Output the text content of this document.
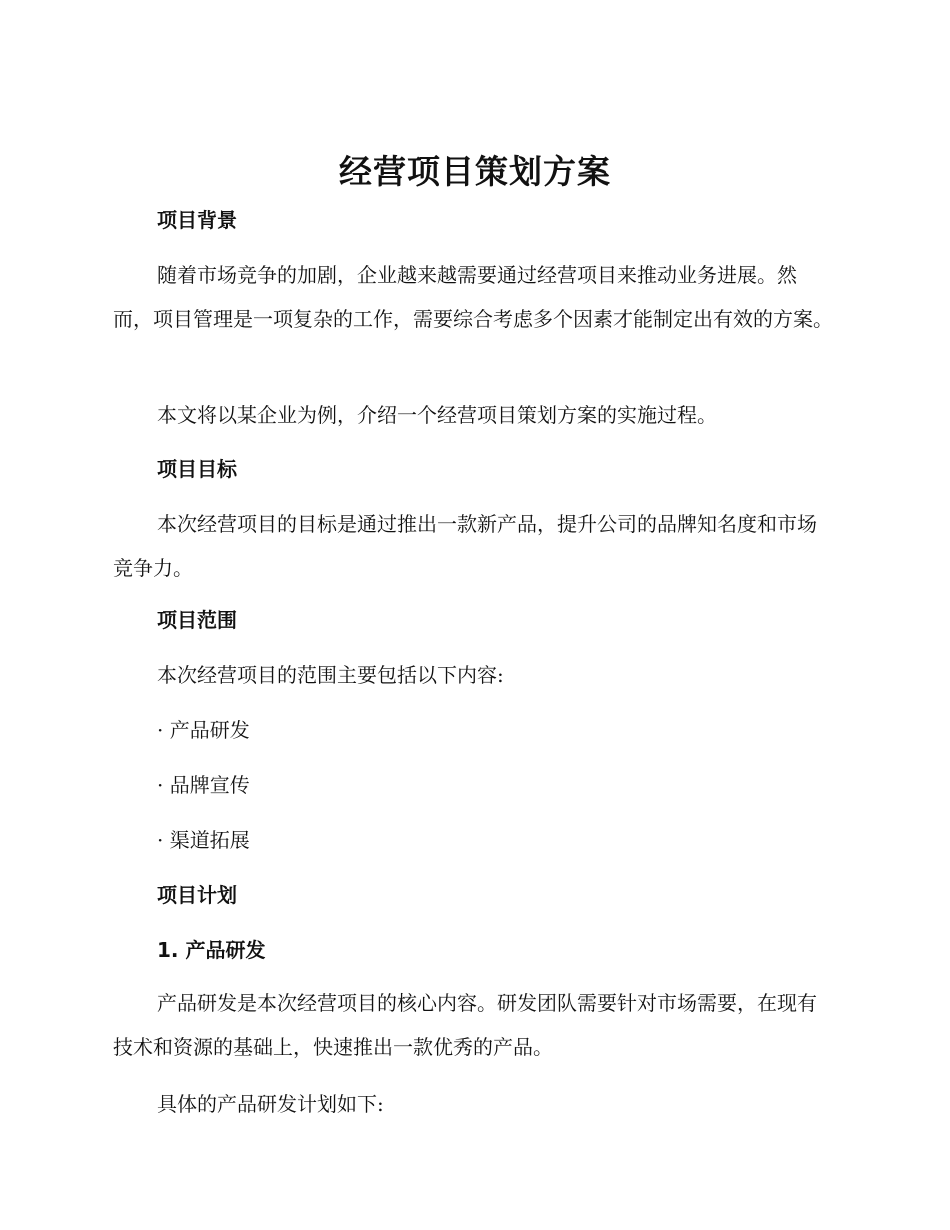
经营项目策划方案
项目背景
随着市场竞争的加剧，企业越来越需要通过经营项目来推动业务进展。然而，项目管理是一项复杂的工作，需要综合考虑多个因素才能制定出有效的方案。
本文将以某企业为例，介绍一个经营项目策划方案的实施过程。
项目目标
本次经营项目的目标是通过推出一款新产品，提升公司的品牌知名度和市场竞争力。
项目范围
本次经营项目的范围主要包括以下内容:
· 产品研发
· 品牌宣传
· 渠道拓展
项目计划
1. 产品研发
产品研发是本次经营项目的核心内容。研发团队需要针对市场需要，在现有技术和资源的基础上，快速推出一款优秀的产品。
具体的产品研发计划如下:
